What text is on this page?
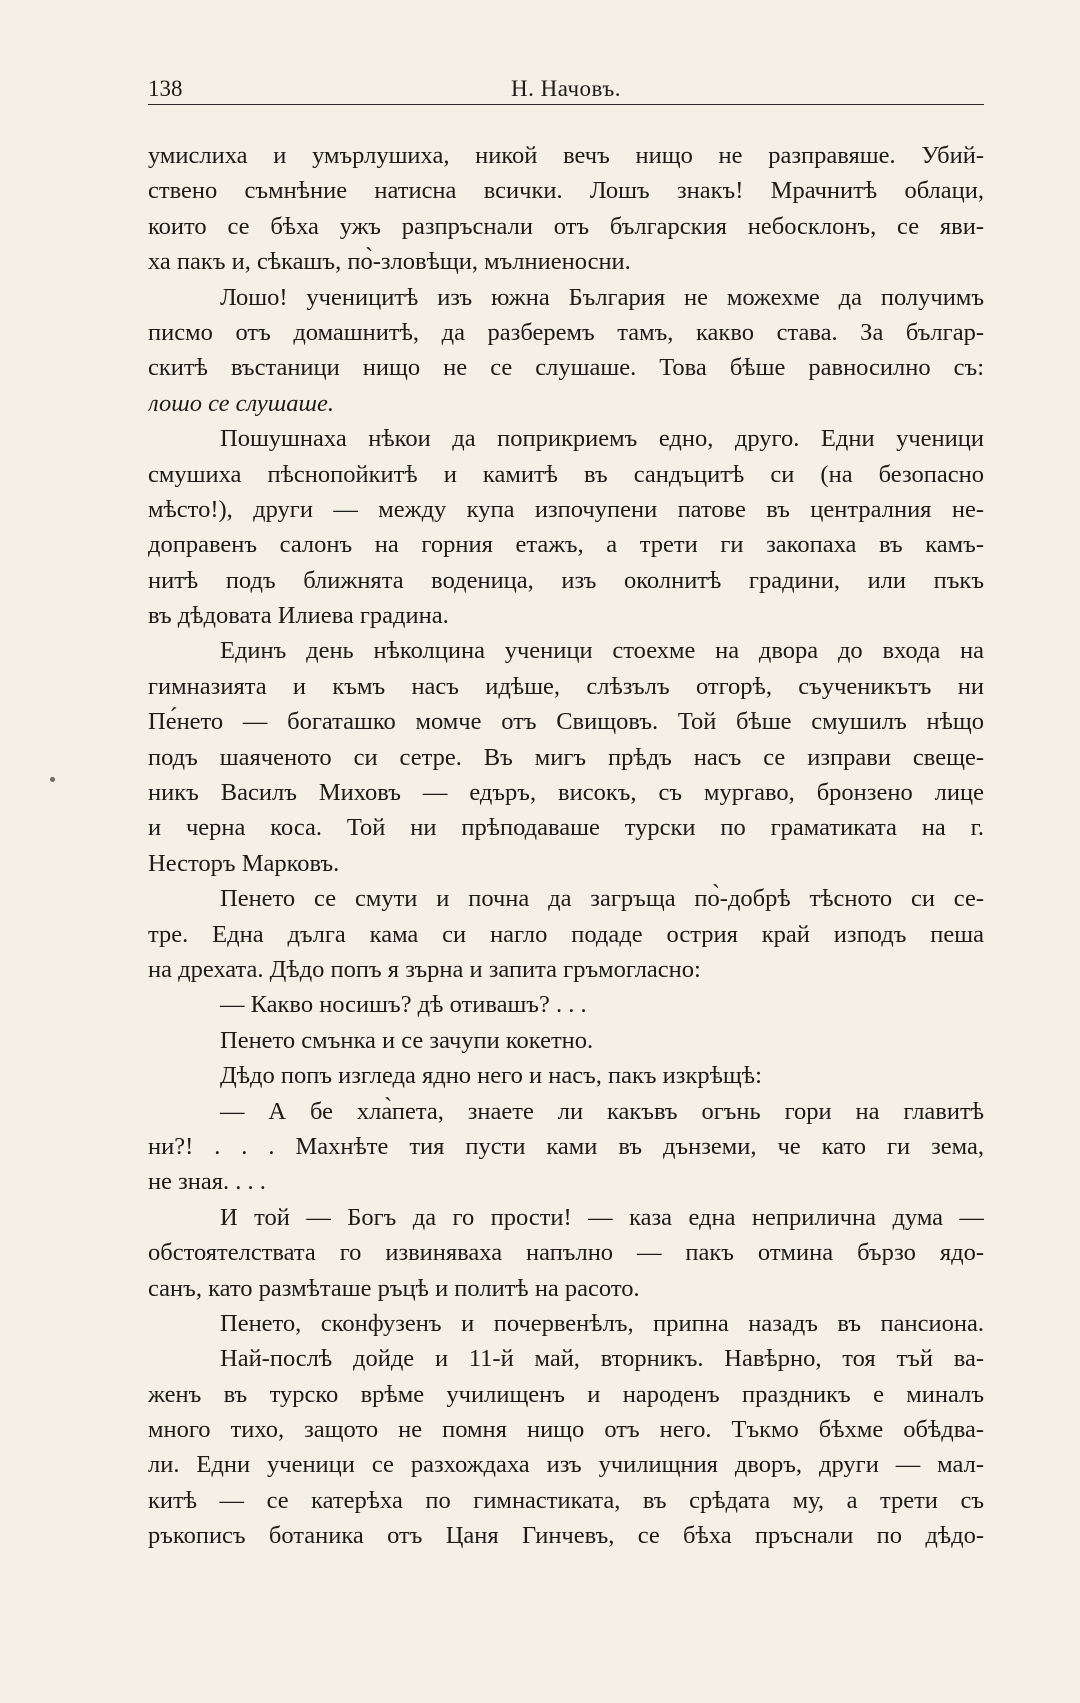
138	Н. Начовъ.
умислиха и умърлушиха, никой вечъ нищо не разправяше. Убий-
ствено съмнѣние натисна всички. Лошъ знакъ! Мрачнитѣ облаци,
които се бѣха ужъ разпръснали отъ българския небосклонъ, се яви-
ха пакъ и, сѣкашъ, по̀-зловѣщи, мълниеносни.
Лошо! ученицитѣ изъ южна България не можехме да получимъ
писмо отъ домашнитѣ, да разберемъ тамъ, какво става. За българ-
скитѣ въстаници нищо не се слушаше. Това бѣше равносилно съ:
лошо се слушаше.
Пошушнаха нѣкои да поприкриемъ едно, друго. Едни ученици
смушиха пѣснопойкитѣ и камитѣ въ сандъцитѣ си (на безопасно
мѣсто!), други — между купа изпочупени патове въ централния не-
доправенъ салонъ на горния етажъ, а трети ги закопаха въ камъ-
нитѣ подъ ближнята воденица, изъ околнитѣ градини, или пъкъ
въ дѣдовата Илиева градина.
Единъ день нѣколцина ученици стоехме на двора до входа на
гимназията и къмъ насъ идѣше, слѣзълъ отгорѣ, съученикътъ ни
Пе́нето — богаташко момче отъ Свищовъ. Той бѣше смушилъ нѣщо
подъ шаяченото си сетре. Въ мигъ прѣдъ насъ се изправи свеще-
никъ Василъ Миховъ — едъръ, високъ, съ мургаво, бронзено лице
и черна коса. Той ни прѣподаваше турски по граматиката на г.
Несторъ Марковъ.
Пенето се смути и почна да загръща по̀-добрѣ тѣсното си се-
тре. Една дълга кама си нагло подаде острия край изподъ пеша
на дрехата. Дѣдо попъ я зърна и запита гръмогласно:
— Какво носишъ? дѣ отивашъ? . . .
Пенето смънка и се зачупи кокетно.
Дѣдо попъ изгледа ядно него и насъ, пакъ изкрѣщѣ:
— А бе хла̀пета, знаете ли какъвъ огънь гори на главитѣ
ни?! . . . Махнѣте тия пусти ками въ дънземи, че като ги зема,
не зная. . . .
И той — Богъ да го прости! — каза една неприлична дума —
обстоятелствата го извиняваха напълно — пакъ отмина бързо ядо-
санъ, като размѣташе ръцѣ и политѣ на расото.
Пенето, сконфузенъ и почервенѣлъ, припна назадъ въ пансиона.
Най-послѣ дойде и 11-й май, вторникъ. Навѣрно, тоя тъй ва-
женъ въ турско врѣме училищенъ и народенъ праздникъ е миналъ
много тихо, защото не помня нищо отъ него. Тъкмо бѣхме обѣдва-
ли. Едни ученици се разхождаха изъ училищния дворъ, други — мал-
китѣ — се катерѣха по гимнастиката, въ срѣдата му, а трети съ
ръкописъ ботаника отъ Цаня Гинчевъ, се бѣха пръснали по дѣдо-
